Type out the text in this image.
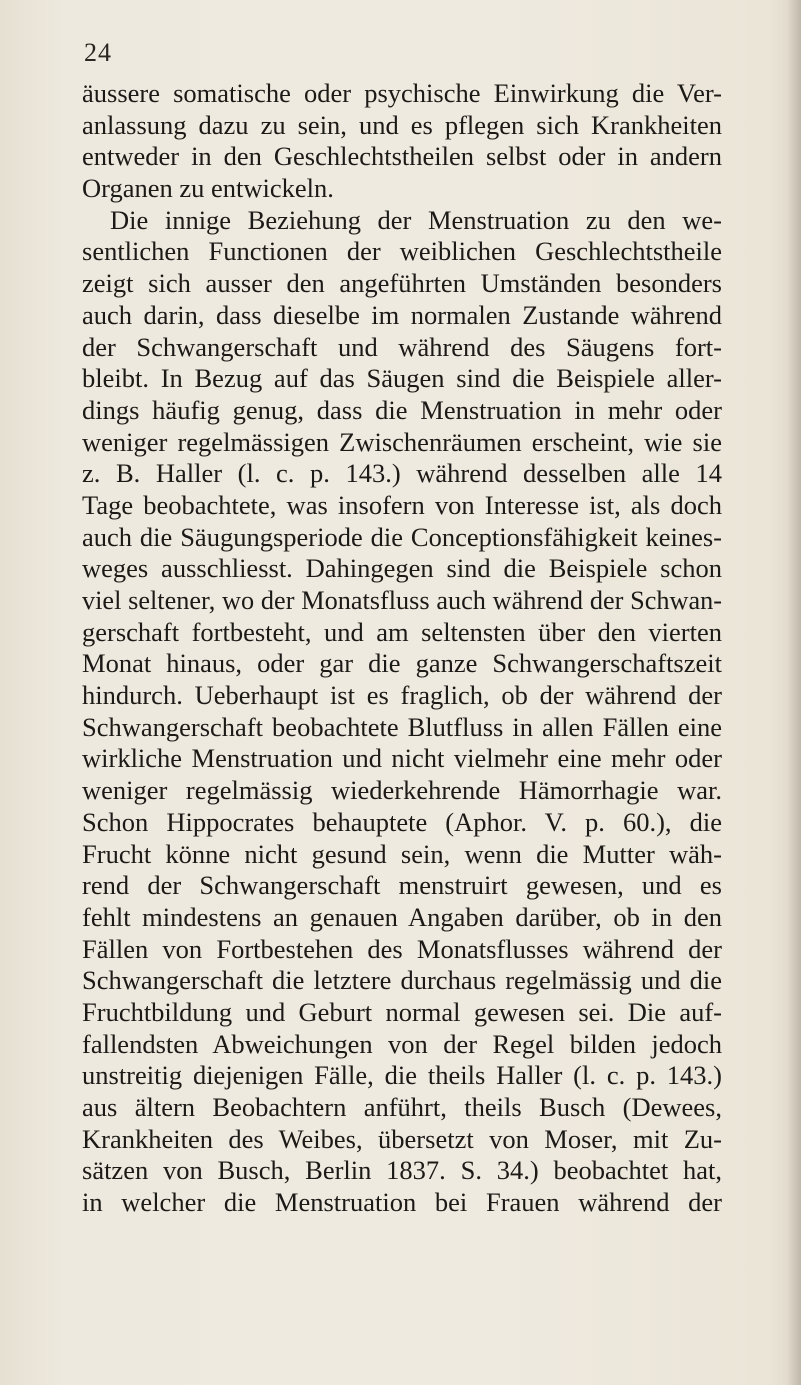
24
äussere somatische oder psychische Einwirkung die Ver-
anlassung dazu zu sein, und es pflegen sich Krankheiten
entweder in den Geschlechtstheilen selbst oder in andern
Organen zu entwickeln.
Die innige Beziehung der Menstruation zu den we-
sentlichen Functionen der weiblichen Geschlechtstheile
zeigt sich ausser den angeführten Umständen besonders
auch darin, dass dieselbe im normalen Zustande während
der Schwangerschaft und während des Säugens fort-
bleibt. In Bezug auf das Säugen sind die Beispiele aller-
dings häufig genug, dass die Menstruation in mehr oder
weniger regelmässigen Zwischenräumen erscheint, wie sie
z. B. Haller (l. c. p. 143.) während desselben alle 14
Tage beobachtete, was insofern von Interesse ist, als doch
auch die Säugungsperiode die Conceptionsfähigkeit keines-
weges ausschliesst. Dahingegen sind die Beispiele schon
viel seltener, wo der Monatsfluss auch während der Schwan-
gerschaft fortbesteht, und am seltensten über den vierten
Monat hinaus, oder gar die ganze Schwangerschaftszeit
hindurch. Ueberhaupt ist es fraglich, ob der während der
Schwangerschaft beobachtete Blutfluss in allen Fällen eine
wirkliche Menstruation und nicht vielmehr eine mehr oder
weniger regelmässig wiederkehrende Hämorrhagie war.
Schon Hippocrates behauptete (Aphor. V. p. 60.), die
Frucht könne nicht gesund sein, wenn die Mutter wäh-
rend der Schwangerschaft menstruirt gewesen, und es
fehlt mindestens an genauen Angaben darüber, ob in den
Fällen von Fortbestehen des Monatsflusses während der
Schwangerschaft die letztere durchaus regelmässig und die
Fruchtbildung und Geburt normal gewesen sei. Die auf-
fallendsten Abweichungen von der Regel bilden jedoch
unstreitig diejenigen Fälle, die theils Haller (l. c. p. 143.)
aus ältern Beobachtern anführt, theils Busch (Dewees,
Krankheiten des Weibes, übersetzt von Moser, mit Zu-
sätzen von Busch, Berlin 1837. S. 34.) beobachtet hat,
in welcher die Menstruation bei Frauen während der
